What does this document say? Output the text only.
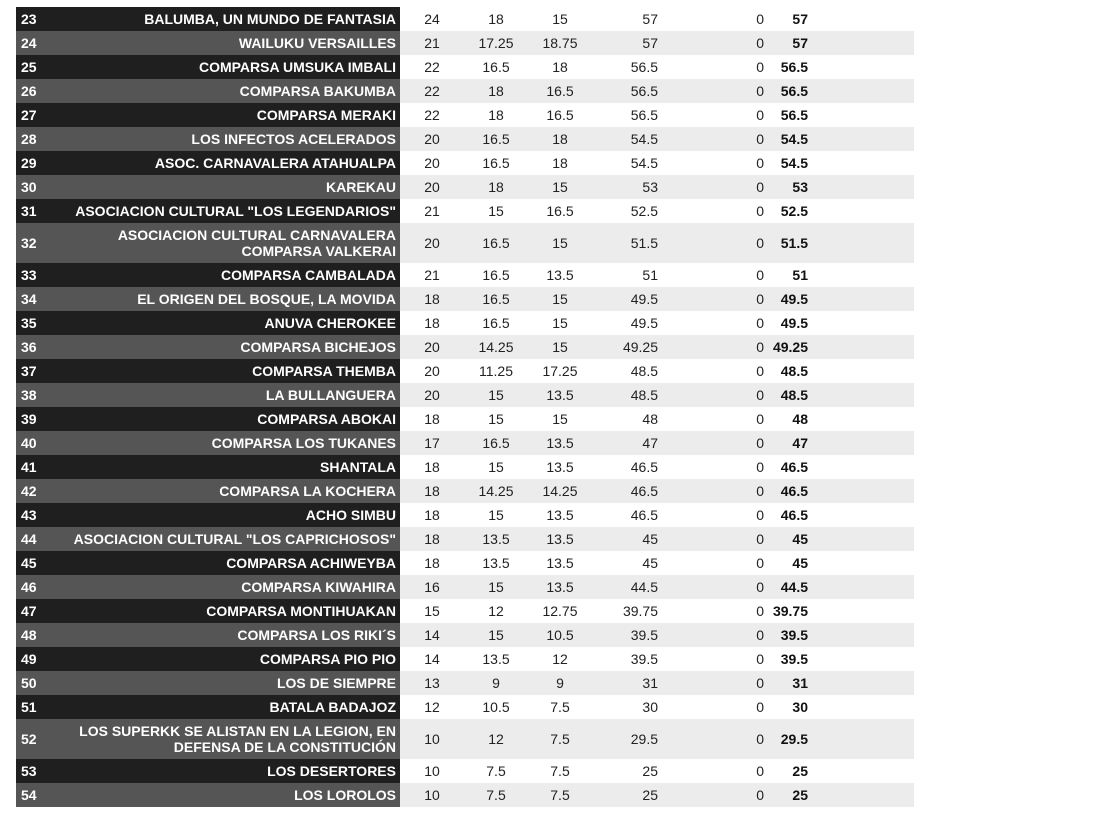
23	BALUMBA, UN MUNDO DE FANTASIA	24	18	15	57	0	57	
24	WAILUKU VERSAILLES	21	17.25	18.75	57	0	57	
25	COMPARSA UMSUKA IMBALI	22	16.5	18	56.5	0	56.5	
26	COMPARSA BAKUMBA	22	18	16.5	56.5	0	56.5	
27	COMPARSA MERAKI	22	18	16.5	56.5	0	56.5	
28	LOS INFECTOS ACELERADOS	20	16.5	18	54.5	0	54.5	
29	ASOC. CARNAVALERA ATAHUALPA	20	16.5	18	54.5	0	54.5	
30	KAREKAU	20	18	15	53	0	53	
31	ASOCIACION CULTURAL "LOS LEGENDARIOS"	21	15	16.5	52.5	0	52.5	
32	ASOCIACION CULTURAL CARNAVALERA COMPARSA VALKERAI	20	16.5	15	51.5	0	51.5	
33	COMPARSA CAMBALADA	21	16.5	13.5	51	0	51	
34	EL ORIGEN DEL BOSQUE, LA MOVIDA	18	16.5	15	49.5	0	49.5	
35	ANUVA CHEROKEE	18	16.5	15	49.5	0	49.5	
36	COMPARSA BICHEJOS	20	14.25	15	49.25	0	49.25	
37	COMPARSA THEMBA	20	11.25	17.25	48.5	0	48.5	
38	LA BULLANGUERA	20	15	13.5	48.5	0	48.5	
39	COMPARSA ABOKAI	18	15	15	48	0	48	
40	COMPARSA LOS TUKANES	17	16.5	13.5	47	0	47	
41	SHANTALA	18	15	13.5	46.5	0	46.5	
42	COMPARSA LA KOCHERA	18	14.25	14.25	46.5	0	46.5	
43	ACHO SIMBU	18	15	13.5	46.5	0	46.5	
44	ASOCIACION CULTURAL "LOS CAPRICHOSOS"	18	13.5	13.5	45	0	45	
45	COMPARSA ACHIWEYBA	18	13.5	13.5	45	0	45	
46	COMPARSA KIWAHIRA	16	15	13.5	44.5	0	44.5	
47	COMPARSA MONTIHUAKAN	15	12	12.75	39.75	0	39.75	
48	COMPARSA LOS RIKI´S	14	15	10.5	39.5	0	39.5	
49	COMPARSA PIO PIO	14	13.5	12	39.5	0	39.5	
50	LOS DE SIEMPRE	13	9	9	31	0	31	
51	BATALA BADAJOZ	12	10.5	7.5	30	0	30	
52	LOS SUPERKK SE ALISTAN EN LA LEGION, EN DEFENSA DE LA CONSTITUCIÓN	10	12	7.5	29.5	0	29.5	
53	LOS DESERTORES	10	7.5	7.5	25	0	25	
54	LOS LOROLOS	10	7.5	7.5	25	0	25	
